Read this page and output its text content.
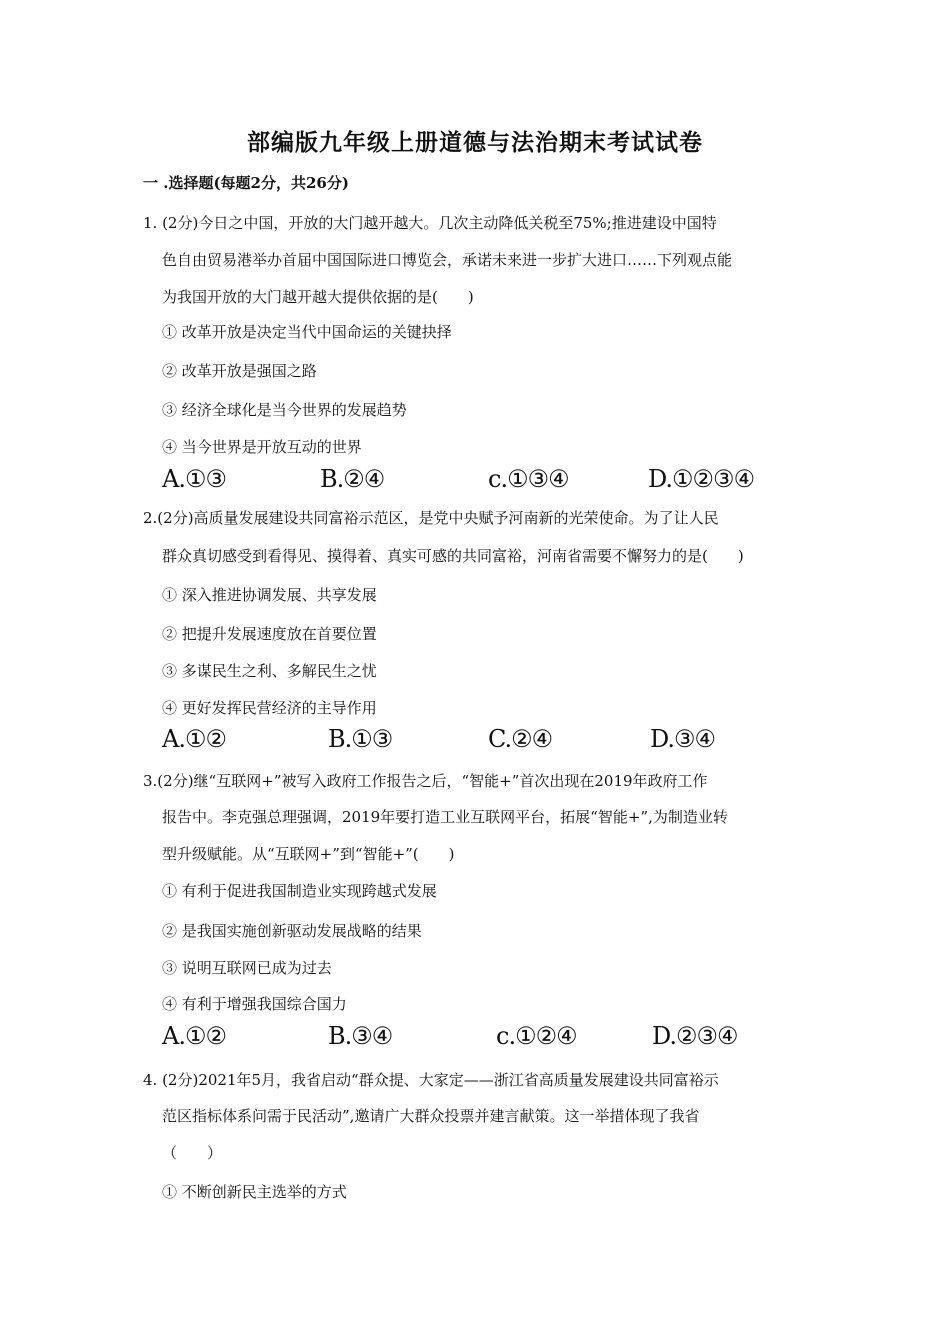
部编版九年级上册道德与法治期末考试试卷
一 .选择题(每题2分，共26分)
1. (2分)今日之中国，开放的大门越开越大。几次主动降低关税至75%;推进建设中国特
色自由贸易港举办首届中国国际进口博览会，承诺未来进一步扩大进口……下列观点能
为我国开放的大门越开越大提供依据的是(　　)
① 改革开放是决定当代中国命运的关键抉择
② 改革开放是强国之路
③ 经济全球化是当今世界的发展趋势
④ 当今世界是开放互动的世界
A.①③	B.②④	c.①③④	D.①②③④
2.(2分)高质量发展建设共同富裕示范区，是党中央赋予河南新的光荣使命。为了让人民
群众真切感受到看得见、摸得着、真实可感的共同富裕，河南省需要不懈努力的是(　　)
① 深入推进协调发展、共享发展
② 把提升发展速度放在首要位置
③ 多谋民生之利、多解民生之忧
④ 更好发挥民营经济的主导作用
A.①②	B.①③	C.②④	D.③④
3.(2分)继“互联网+”被写入政府工作报告之后，“智能+”首次出现在2019年政府工作
报告中。李克强总理强调，2019年要打造工业互联网平台，拓展“智能+”,为制造业转
型升级赋能。从“互联网+”到“智能+”(　　)
① 有利于促进我国制造业实现跨越式发展
② 是我国实施创新驱动发展战略的结果
③ 说明互联网已成为过去
④ 有利于增强我国综合国力
A.①②	B.③④	c.①②④	D.②③④
4. (2分)2021年5月，我省启动“群众提、大家定——浙江省高质量发展建设共同富裕示
范区指标体系问需于民活动”,邀请广大群众投票并建言献策。这一举措体现了我省
（　　）
① 不断创新民主选举的方式
